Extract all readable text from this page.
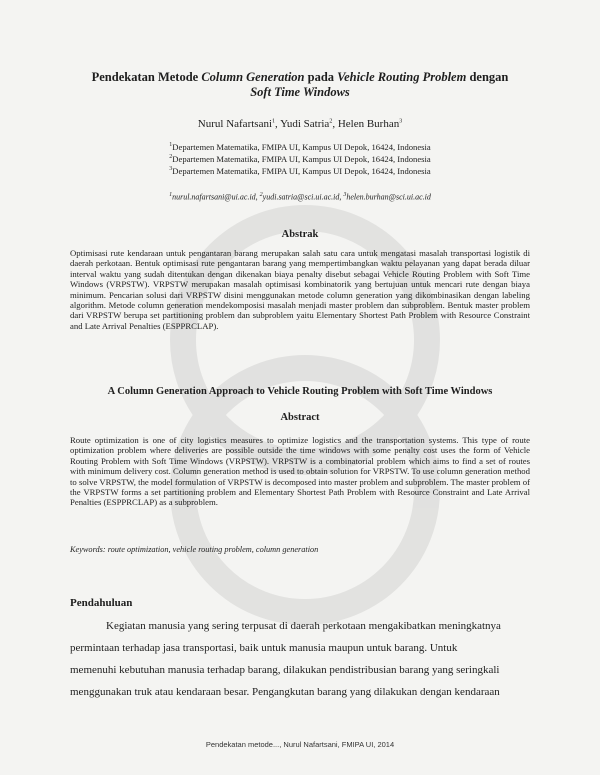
Pendekatan Metode Column Generation pada Vehicle Routing Problem dengan
Soft Time Windows
Nurul Nafartsani$^1$, Yudi Satria$^2$, Helen Burhan$^3$
$^1$Departemen Matematika, FMIPA UI, Kampus UI Depok, 16424, Indonesia
$^2$Departemen Matematika, FMIPA UI, Kampus UI Depok, 16424, Indonesia
$^3$Departemen Matematika, FMIPA UI, Kampus UI Depok, 16424, Indonesia
$^1$nurul.nafartsani@ui.ac.id, $^2$yudi.satria@sci.ui.ac.id, $^3$helen.burhan@sci.ui.ac.id
Abstrak
Optimisasi rute kendaraan untuk pengantaran barang merupakan salah satu cara untuk mengatasi masalah transportasi logistik di daerah perkotaan. Bentuk optimisasi rute pengantaran barang yang mempertimbangkan waktu pelayanan yang dapat berada diluar interval waktu yang sudah ditentukan dengan dikenakan biaya penalty disebut sebagai Vehicle Routing Problem with Soft Time Windows (VRPSTW). VRPSTW merupakan masalah optimisasi kombinatorik yang bertujuan untuk mencari rute dengan biaya minimum. Pencarian solusi dari VRPSTW disini menggunakan metode column generation yang dikombinasikan dengan labeling algorithm. Metode column generation mendekomposisi masalah menjadi master problem dan subproblem. Bentuk master problem dari VRPSTW berupa set partitioning problem dan subproblem yaitu Elementary Shortest Path Problem with Resource Constraint and Late Arrival Penalties (ESPPRCLAP).
A Column Generation Approach to Vehicle Routing Problem with Soft Time Windows
Abstract
Route optimization is one of city logistics measures to optimize logistics and the transportation systems. This type of route optimization problem where deliveries are possible outside the time windows with some penalty cost uses the form of Vehicle Routing Problem with Soft Time Windows (VRPSTW). VRPSTW is a combinatorial problem which aims to find a set of routes with minimum delivery cost. Column generation method is used to obtain solution for VRPSTW. To use column generation method to solve VRPSTW, the model formulation of VRPSTW is decomposed into master problem and subproblem. The master problem of the VRPSTW forms a set partitioning problem and Elementary Shortest Path Problem with Resource Constraint and Late Arrival Penalties (ESPPRCLAP) as a subproblem.
Keywords: route optimization, vehicle routing problem, column generation
Pendahuluan
Kegiatan manusia yang sering terpusat di daerah perkotaan mengakibatkan meningkatnya
permintaan terhadap jasa transportasi, baik untuk manusia maupun untuk barang. Untuk
memenuhi kebutuhan manusia terhadap barang, dilakukan pendistribusian barang yang seringkali
menggunakan truk atau kendaraan besar. Pengangkutan barang yang dilakukan dengan kendaraan
Pendekatan metode..., Nurul Nafartsani, FMIPA UI, 2014
